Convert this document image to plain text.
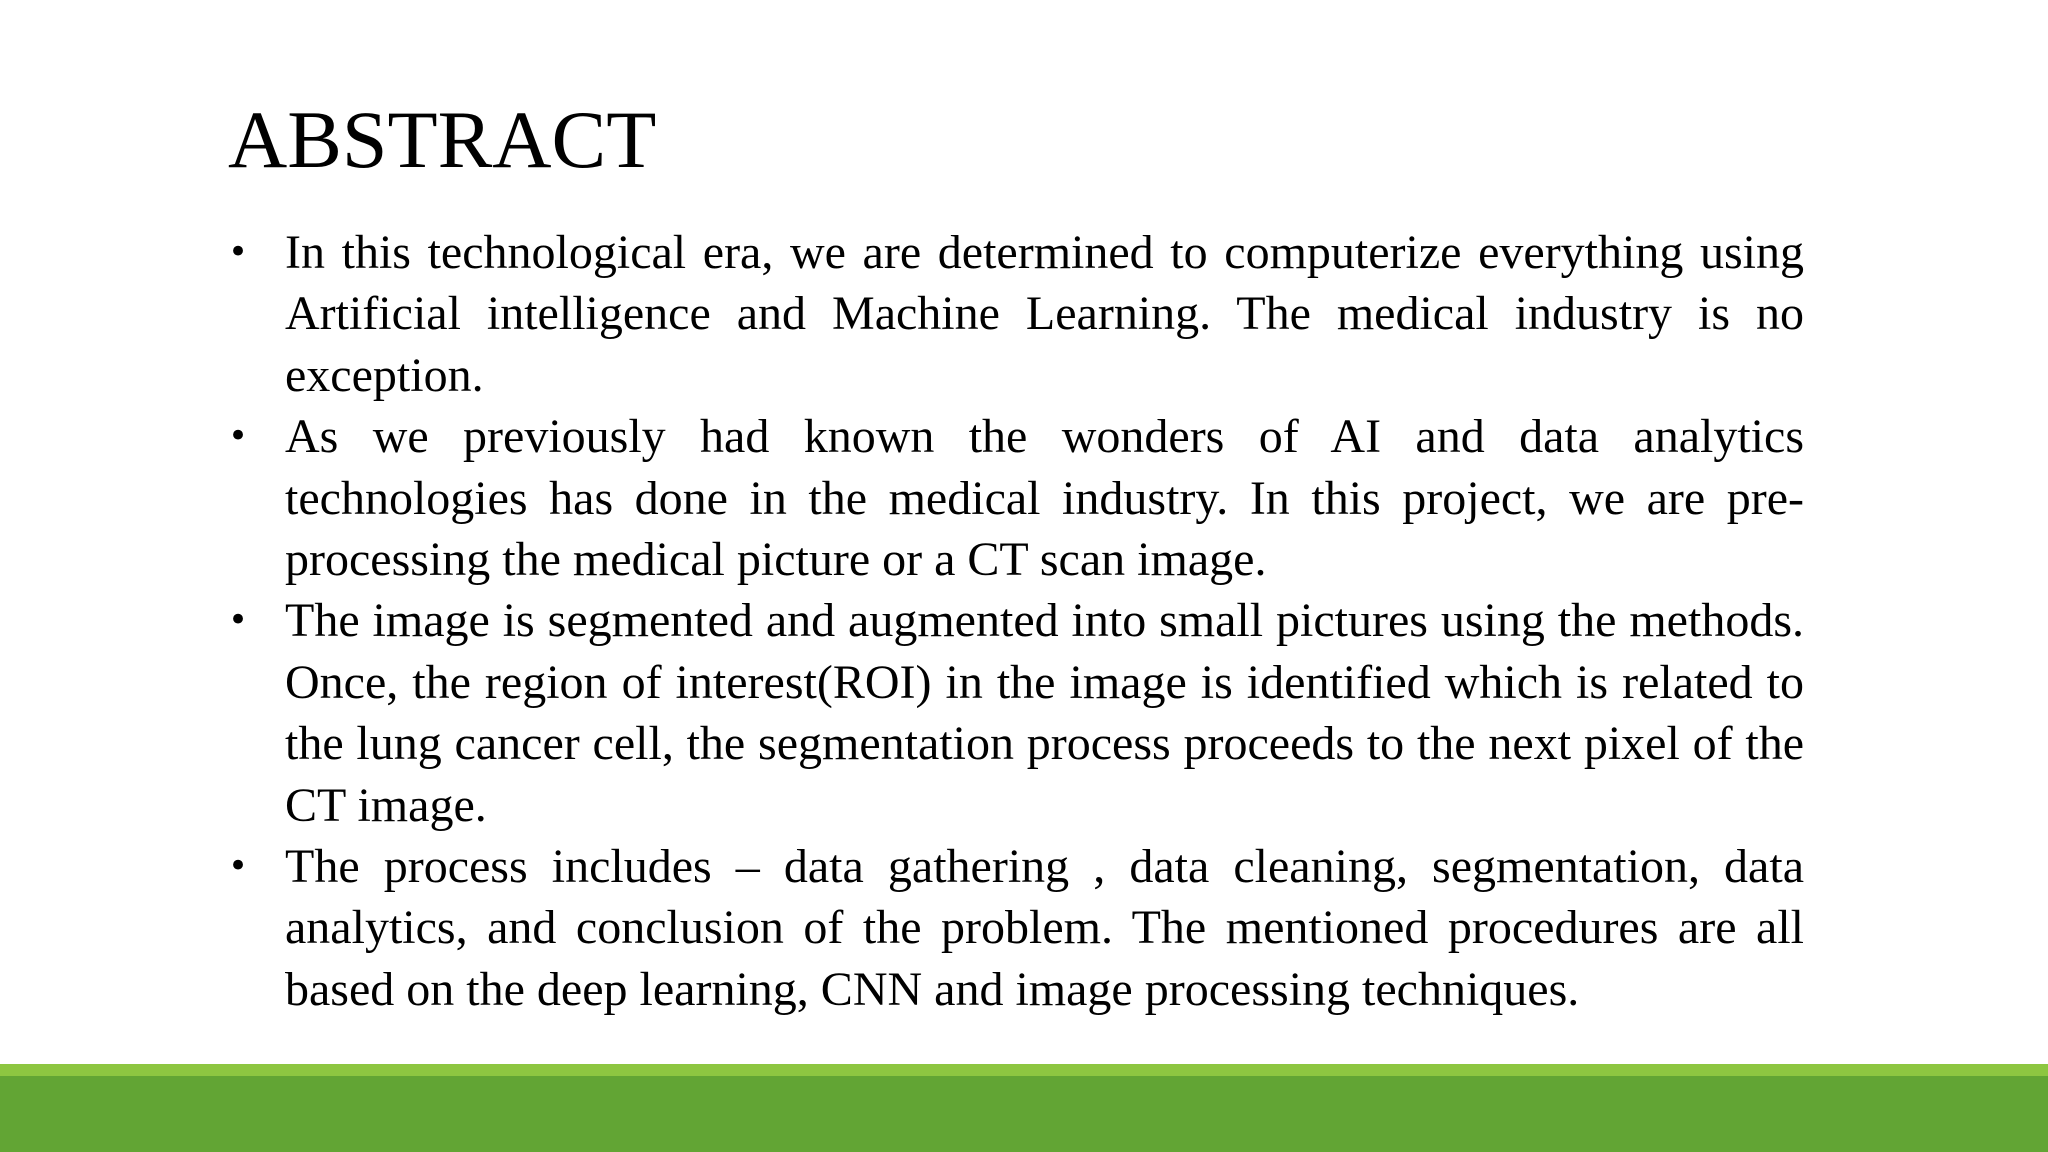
ABSTRACT
• In this technological era, we are determined to computerize everything using Artificial intelligence and Machine Learning. The medical industry is no exception.
• As we previously had known the wonders of AI and data analytics technologies has done in the medical industry. In this project, we are pre-processing the medical picture or a CT scan image.
• The image is segmented and augmented into small pictures using the methods. Once, the region of interest(ROI) in the image is identified which is related to the lung cancer cell, the segmentation process proceeds to the next pixel of the CT image.
• The process includes – data gathering , data cleaning, segmentation, data analytics, and conclusion of the problem. The mentioned procedures are all based on the deep learning, CNN and image processing techniques.
